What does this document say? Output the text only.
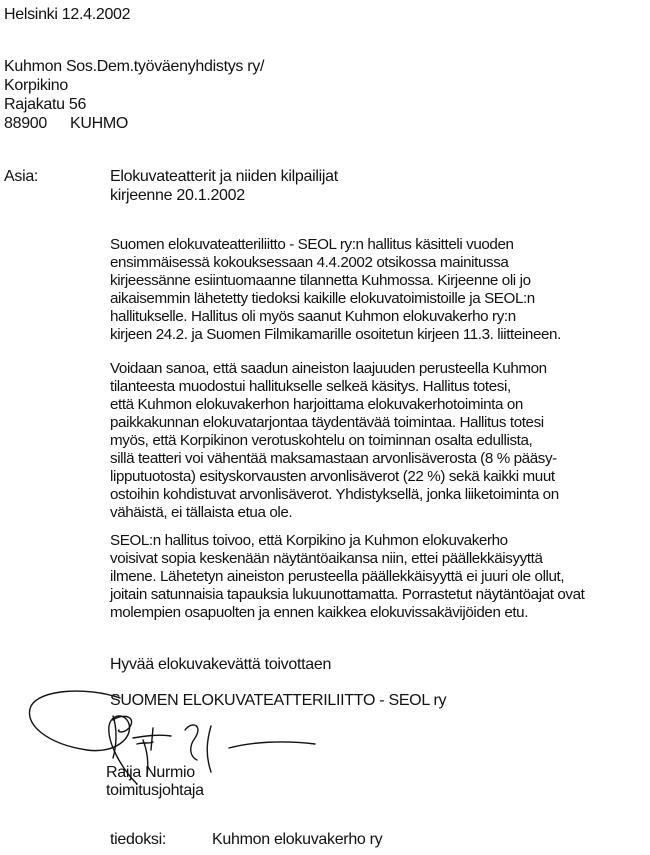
Helsinki 12.4.2002
Kuhmon Sos.Dem.työväenyhdistys ry/
Korpikino
Rajakatu 56
88900 KUHMO
Asia:	Elokuvateatterit ja niiden kilpailijat
kirjeenne 20.1.2002
Suomen elokuvateatteriliitto - SEOL ry:n hallitus käsitteli vuoden
ensimmäisessä kokouksessaan 4.4.2002 otsikossa mainitussa
kirjeessänne esiintuomaanne tilannetta Kuhmossa. Kirjeenne oli jo
aikaisemmin lähetetty tiedoksi kaikille elokuvatoimistoille ja SEOL:n
hallitukselle. Hallitus oli myös saanut Kuhmon elokuvakerho ry:n
kirjeen 24.2. ja Suomen Filmikamarille osoitetun kirjeen 11.3. liitteineen.
Voidaan sanoa, että saadun aineiston laajuuden perusteella Kuhmon
tilanteesta muodostui hallitukselle selkeä käsitys. Hallitus totesi,
että Kuhmon elokuvakerhon harjoittama elokuvakerhotoiminta on
paikkakunnan elokuvatarjontaa täydentävää toimintaa. Hallitus totesi
myös, että Korpikinon verotuskohtelu on toiminnan osalta edullista,
sillä teatteri voi vähentää maksamastaan arvonlisäverosta (8 % pääsy-
lipputuotosta) esityskorvausten arvonlisäverot (22 %) sekä kaikki muut
ostoihin kohdistuvat arvonlisäverot. Yhdistyksellä, jonka liiketoiminta on
vähäistä, ei tällaista etua ole.
SEOL:n hallitus toivoo, että Korpikino ja Kuhmon elokuvakerho
voisivat sopia keskenään näytäntöaikansa niin, ettei päällekkäisyyttä
ilmene. Lähetetyn aineiston perusteella päällekkäisyyttä ei juuri ole ollut,
joitain satunnaisia tapauksia lukuunottamatta. Porrastetut näytäntöajat ovat
molempien osapuolten ja ennen kaikkea elokuvissakävijöiden etu.
Hyvää elokuvakevättä toivottaen
SUOMEN ELOKUVATEATTERILIITTO - SEOL ry
Raija Nurmio
toimitusjohtaja
tiedoksi:	Kuhmon elokuvakerho ry
